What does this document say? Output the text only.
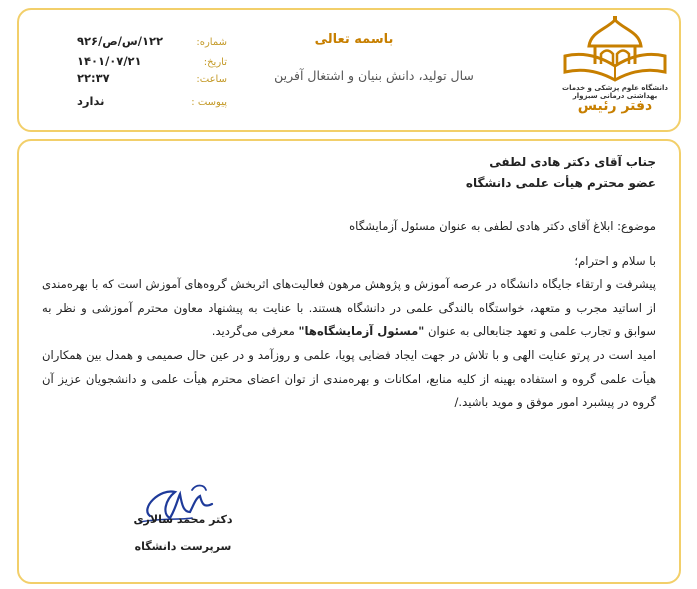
باسمه تعالی
سال تولید، دانش بنیان و اشتغال آفرین
شماره:
۱۲۲/س/ص/۹۲۶
تاریخ:
۱۴۰۱/۰۷/۲۱
ساعت:
۲۲:۳۷
پیوست :
ندارد
دانشگاه علوم پزشکی و خدمات بهداشتی درمانی سبزوار
دفتر رئیس

جناب آقای دکتر هادی لطفی

عضو محترم هیأت علمی دانشگاه

موضوع: ابلاغ آقای دکتر هادی لطفی به عنوان مسئول آزمایشگاه

با سلام و احترام؛

پیشرفت و ارتقاء جایگاه دانشگاه در عرصه آموزش و پژوهش مرهون فعالیت‌های اثربخش گروه‌های آموزش است که با بهره‌مندی از اساتید مجرب و متعهد، خواستگاه بالندگی علمی در دانشگاه هستند. با عنایت به پیشنهاد معاون محترم آموزشی و نظر به سوابق و تجارب علمی و تعهد جنابعالی به عنوان "مسئول آزمایشگاه‌ها" معرفی می‌گردید.

امید است در پرتو عنایت الهی و با تلاش در جهت ایجاد فضایی پویا، علمی و روزآمد و در عین حال صمیمی و همدل بین همکاران هیأت علمی گروه و استفاده بهینه از کلیه منابع، امکانات و بهره‌مندی از توان اعضای محترم هیأت علمی و دانشجویان عزیز آن گروه در پیشبرد امور موفق و موید باشید./

دکتر محمد سالاری
سرپرست دانشگاه
